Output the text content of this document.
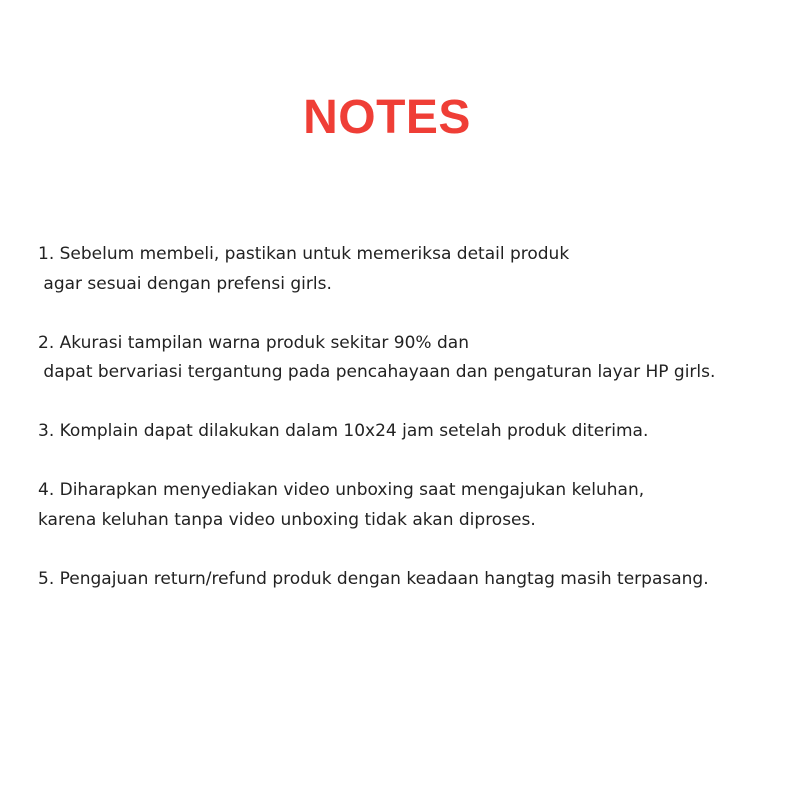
NOTES

1. Sebelum membeli, pastikan untuk memeriksa detail produk
agar sesuai dengan prefensi girls.

2. Akurasi tampilan warna produk sekitar 90% dan
dapat bervariasi tergantung pada pencahayaan dan pengaturan layar HP girls.

3. Komplain dapat dilakukan dalam 10x24 jam setelah produk diterima.

4. Diharapkan menyediakan video unboxing saat mengajukan keluhan,
karena keluhan tanpa video unboxing tidak akan diproses.

5. Pengajuan return/refund produk dengan keadaan hangtag masih terpasang.
